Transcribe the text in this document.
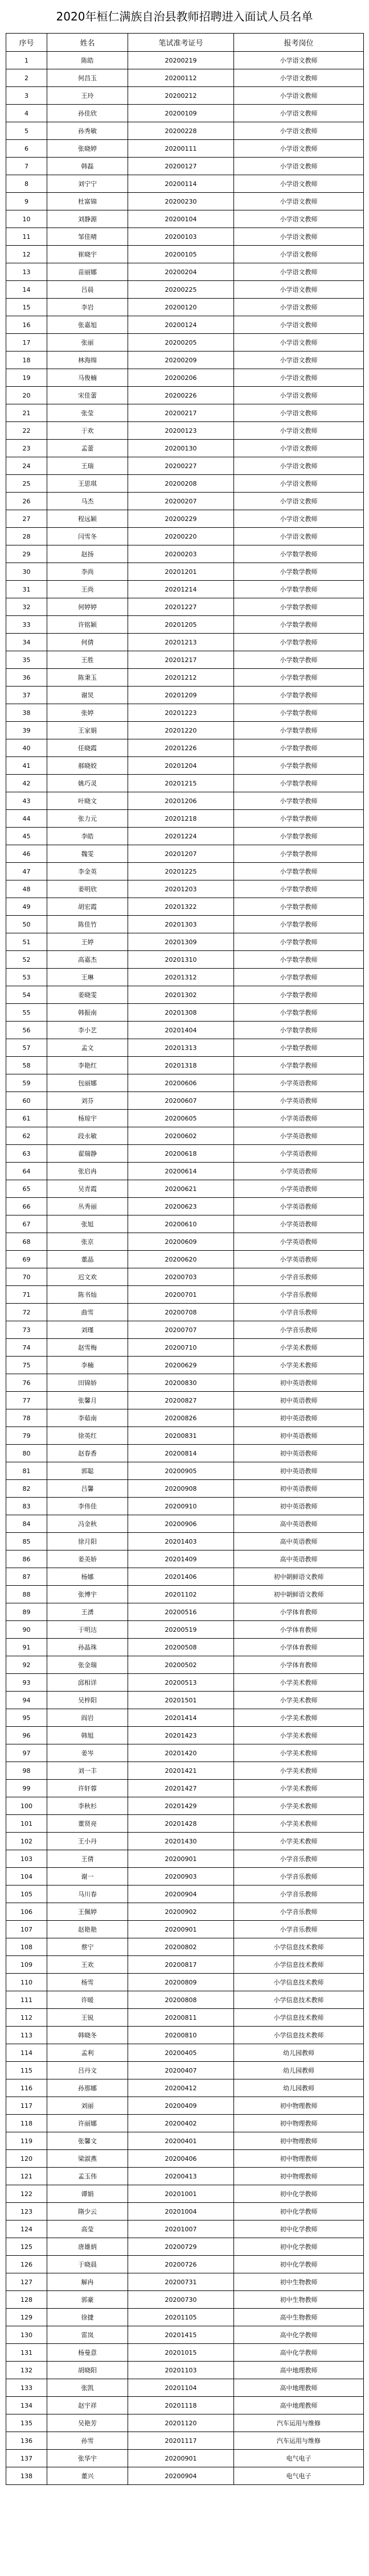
2020年桓仁满族自治县教师招聘进入面试人员名单
序号	姓名	笔试准考证号	报考岗位
1	陈皓	20200219	小学语文教师
2	何昌玉	20200112	小学语文教师
3	王玲	20200212	小学语文教师
4	孙佳欣	20200109	小学语文教师
5	孙秀敏	20200228	小学语文教师
6	张晓婷	20200111	小学语文教师
7	韩磊	20200127	小学语文教师
8	刘宁宁	20200114	小学语文教师
9	杜富锦	20200230	小学语文教师
10	刘静源	20200104	小学语文教师
11	邹佳晴	20200103	小学语文教师
12	崔晓宇	20200105	小学语文教师
13	苗丽娜	20200204	小学语文教师
14	吕晨	20200225	小学语文教师
15	李岩	20200120	小学语文教师
16	张嘉旭	20200124	小学语文教师
17	张丽	20200205	小学语文教师
18	林海绵	20200209	小学语文教师
19	马俊楠	20200206	小学语文教师
20	宋佳蕾	20200226	小学语文教师
21	张莹	20200217	小学语文教师
22	于欢	20200123	小学语文教师
23	孟蕾	20200130	小学语文教师
24	王瑞	20200227	小学语文教师
25	王思琪	20200208	小学语文教师
26	马杰	20200207	小学语文教师
27	程远颖	20200229	小学语文教师
28	闫雪冬	20200220	小学语文教师
29	赵扬	20200203	小学数学教师
30	李尚	20201201	小学数学教师
31	王尚	20201214	小学数学教师
32	何婷婷	20201227	小学数学教师
33	许铭颖	20201205	小学数学教师
34	何倩	20201213	小学数学教师
35	王胜	20201217	小学数学教师
36	陈秉玉	20201212	小学数学教师
37	谢炅	20201209	小学数学教师
38	张婷	20201223	小学数学教师
39	王家娟	20201220	小学数学教师
40	任晓霞	20201226	小学数学教师
41	郝晓姣	20201204	小学数学教师
42	姚巧灵	20201215	小学数学教师
43	叶晓文	20201206	小学数学教师
44	张力元	20201218	小学数学教师
45	李皓	20201224	小学数学教师
46	魏雯	20201207	小学数学教师
47	李金英	20201225	小学数学教师
48	姜明欣	20201203	小学数学教师
49	胡宏霞	20201322	小学数学教师
50	陈佳竹	20201303	小学数学教师
51	王婷	20201309	小学数学教师
52	高嘉杰	20201310	小学数学教师
53	王琳	20201312	小学数学教师
54	姜晓雯	20201302	小学数学教师
55	韩振南	20201308	小学数学教师
56	李小艺	20201404	小学数学教师
57	孟文	20201313	小学数学教师
58	李艳红	20201318	小学数学教师
59	包丽娜	20200606	小学英语教师
60	刘芬	20200607	小学英语教师
61	杨琼宇	20200605	小学英语教师
62	段永敏	20200602	小学英语教师
63	翟瑞静	20200618	小学英语教师
64	张启冉	20200614	小学英语教师
65	吴青霞	20200621	小学英语教师
66	丛秀丽	20200623	小学英语教师
67	张旭	20200610	小学英语教师
68	张京	20200609	小学英语教师
69	董晶	20200620	小学英语教师
70	迟文欢	20200703	小学音乐教师
71	陈书灿	20200701	小学音乐教师
72	曲雪	20200708	小学音乐教师
73	刘瑾	20200707	小学音乐教师
74	赵雪梅	20200710	小学美术教师
75	李楠	20200629	小学美术教师
76	田锦娇	20200830	初中英语教师
77	张馨月	20200827	初中英语教师
78	李茹南	20200826	初中英语教师
79	徐英红	20200831	初中英语教师
80	赵春香	20200814	初中英语教师
81	郭聪	20200905	初中英语教师
82	吕馨	20200908	初中英语教师
83	李伟佳	20200910	初中英语教师
84	冯金秋	20200906	高中英语教师
85	徐月阳	20201403	高中英语教师
86	姜美娇	20201409	高中英语教师
87	杨娜	20201406	初中朝鲜语文教师
88	张博宇	20201102	初中朝鲜语文教师
89	王湧	20200516	小学体育教师
90	于明达	20200519	小学体育教师
91	孙晶珠	20200508	小学体育教师
92	张金瑞	20200502	小学体育教师
93	邱相详	20200513	小学美术教师
94	吴梓阳	20201501	小学美术教师
95	阎岩	20201414	小学美术教师
96	韩旭	20201423	小学美术教师
97	姜岑	20201420	小学美术教师
98	刘一丰	20201421	小学美术教师
99	许轩蓉	20201427	小学美术教师
100	李秋杉	20201429	小学美术教师
101	董贤亮	20201428	小学美术教师
102	王小丹	20201430	小学美术教师
103	王倩	20200901	小学音乐教师
104	谢一	20200903	小学音乐教师
105	马川春	20200904	小学音乐教师
106	王佩婷	20200902	小学音乐教师
107	赵艳艳	20200901	小学音乐教师
108	蔡宁	20200802	小学信息技术教师
109	王欢	20200817	小学信息技术教师
110	杨雪	20200809	小学信息技术教师
111	许暖	20200808	小学信息技术教师
112	王锐	20200811	小学信息技术教师
113	韩晓冬	20200810	小学信息技术教师
114	孟利	20200405	幼儿园教师
115	吕丹文	20200407	幼儿园教师
116	孙那娜	20200412	幼儿园教师
117	刘丽	20200409	初中物理教师
118	许丽娜	20200402	初中物理教师
119	张馨文	20200401	初中物理教师
120	梁淑燕	20200406	初中物理教师
121	孟玉伟	20200413	初中物理教师
122	谭娟	20201001	初中化学教师
123	隋少云	20201004	初中化学教师
124	高莹	20201007	初中化学教师
125	唐雄炳	20200729	初中化学教师
126	于晓晨	20200726	初中化学教师
127	解冉	20200731	初中生物教师
128	郭豪	20200730	初中生物教师
129	徐捷	20201105	高中生物教师
130	雷岚	20201415	高中化学教师
131	杨曼意	20201015	高中化学教师
132	胡晓阳	20201103	高中地理教师
133	张凯	20201104	高中地理教师
134	赵宇祥	20201118	高中地理教师
135	吴艳芳	20201120	汽车运用与维修
136	孙雪	20201117	汽车运用与维修
137	张华宇	20200901	电气电子
138	董兴	20200904	电气电子
